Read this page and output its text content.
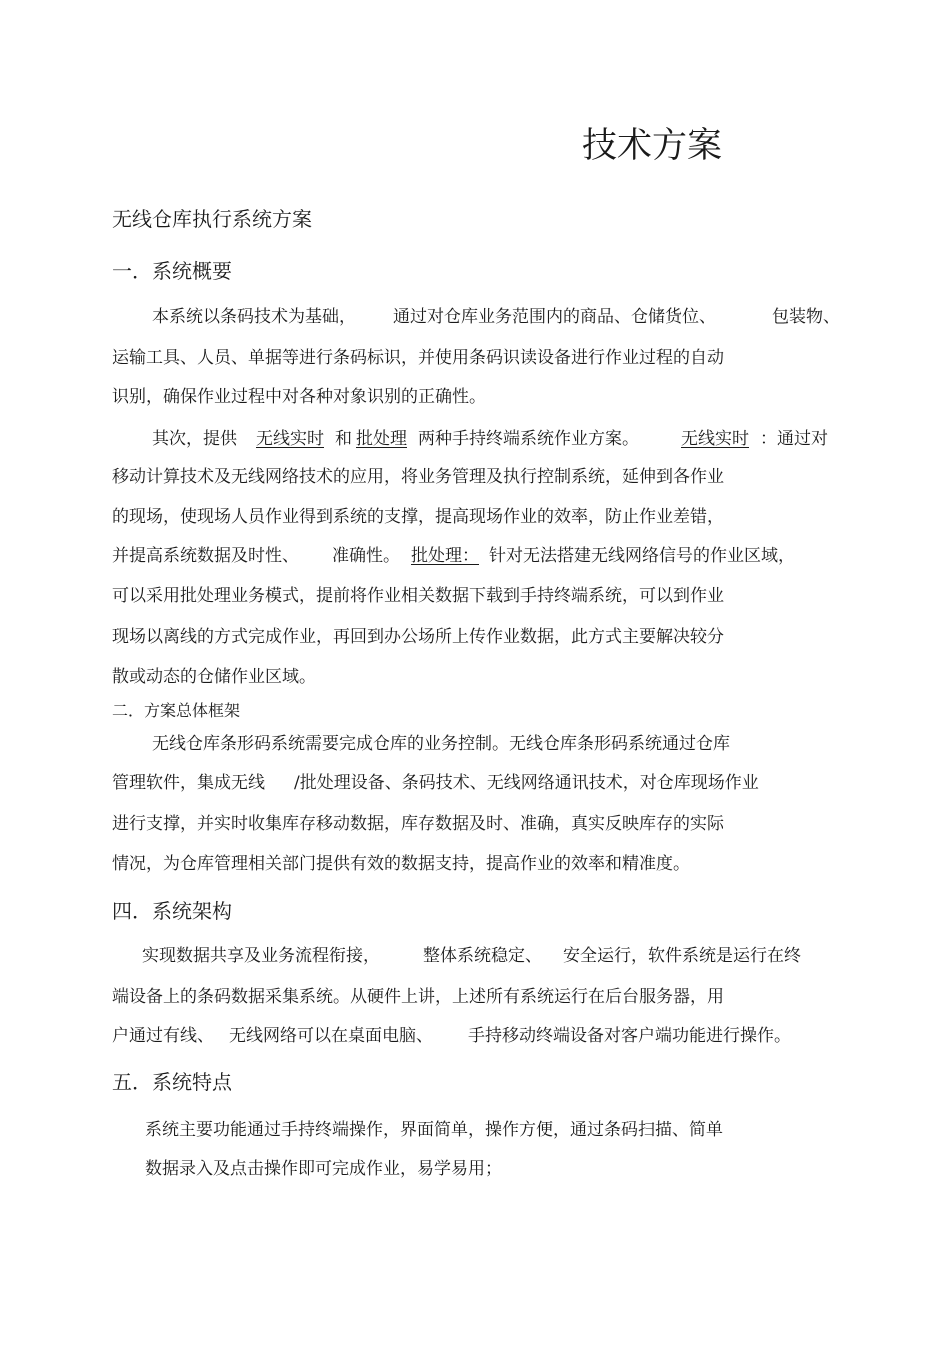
技术方案
无线仓库执行系统方案
一．系统概要
本系统以条码技术为基础， 通过对仓库业务范围内的商品、仓储货位、	包装物、
运输工具、人员、单据等进行条码标识，并使用条码识读设备进行作业过程的自动
识别，确保作业过程中对各种对象识别的正确性。
其次，提供 无线实时 和 批处理 两种手持终端系统作业方案。 无线实时 ：通过对
移动计算技术及无线网络技术的应用，将业务管理及执行控制系统，延伸到各作业
的现场，使现场人员作业得到系统的支撑，提高现场作业的效率，防止作业差错，
并提高系统数据及时性、 准确性。 批处理： 针对无法搭建无线网络信号的作业区域，
可以采用批处理业务模式，提前将作业相关数据下载到手持终端系统，可以到作业
现场以离线的方式完成作业，再回到办公场所上传作业数据，此方式主要解决较分
散或动态的仓储作业区域。
二．方案总体框架
无线仓库条形码系统需要完成仓库的业务控制。无线仓库条形码系统通过仓库
管理软件，集成无线 /批处理设备、条码技术、无线网络通讯技术，对仓库现场作业
进行支撑，并实时收集库存移动数据，库存数据及时、准确，真实反映库存的实际
情况，为仓库管理相关部门提供有效的数据支持，提高作业的效率和精准度。
四．系统架构
实现数据共享及业务流程衔接，	整体系统稳定、 安全运行，软件系统是运行在终
端设备上的条码数据采集系统。从硬件上讲，上述所有系统运行在后台服务器，用
户通过有线、 无线网络可以在桌面电脑、 手持移动终端设备对客户端功能进行操作。
五．系统特点
系统主要功能通过手持终端操作，界面简单，操作方便，通过条码扫描、简单
数据录入及点击操作即可完成作业，易学易用；
